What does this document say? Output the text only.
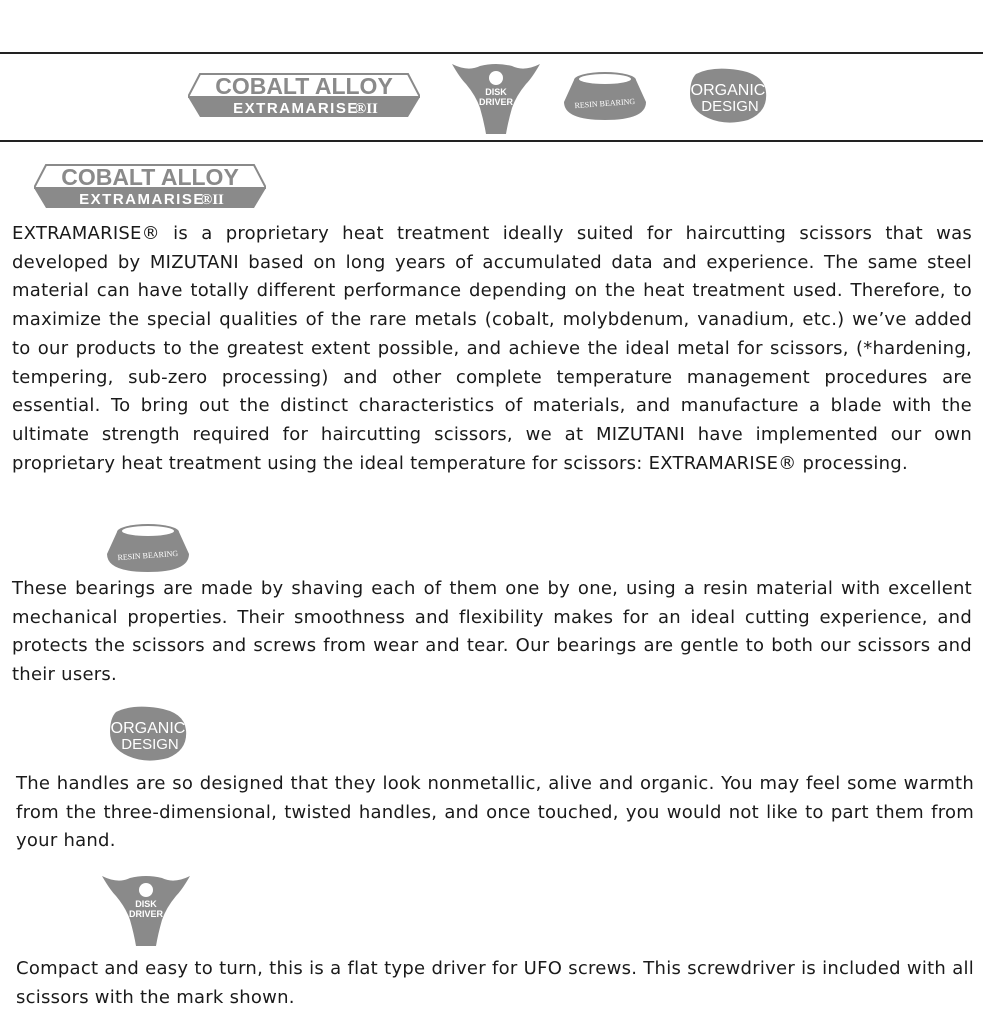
COBALT ALLOY
EXTRAMARISE
®II
DISK
DRIVER	RESIN BEARING
ORGANIC
DESIGN
COBALT ALLOY
EXTRAMARISE
®II

EXTRAMARISE® is a proprietary heat treatment ideally suited for haircutting scissors that was developed by MIZUTANI based on long years of accumulated data and experience. The same steel material can have totally different performance depending on the heat treatment used. Therefore, to maximize the special qualities of the rare metals (cobalt, molybdenum, vanadium, etc.) we’ve added to our products to the greatest extent possible, and achieve the ideal metal for scissors, (*hardening, tempering, sub-zero processing) and other complete temperature management procedures are essential. To bring out the distinct characteristics of materials, and manufacture a blade with the ultimate strength required for haircutting scissors, we at MIZUTANI have implemented our own proprietary heat treatment using the ideal temperature for scissors: EXTRAMARISE® processing.

RESIN BEARING

These bearings are made by shaving each of them one by one, using a resin material with excellent mechanical properties. Their smoothness and flexibility makes for an ideal cutting experience, and protects the scissors and screws from wear and tear. Our bearings are gentle to both our scissors and their users.

ORGANIC
DESIGN

The handles are so designed that they look nonmetallic, alive and organic. You may feel some warmth from the three-dimensional, twisted handles, and once touched, you would not like to part them from your hand.

DISK
DRIVER

Compact and easy to turn, this is a flat type driver for UFO screws. This screwdriver is included with all scissors with the mark shown.
